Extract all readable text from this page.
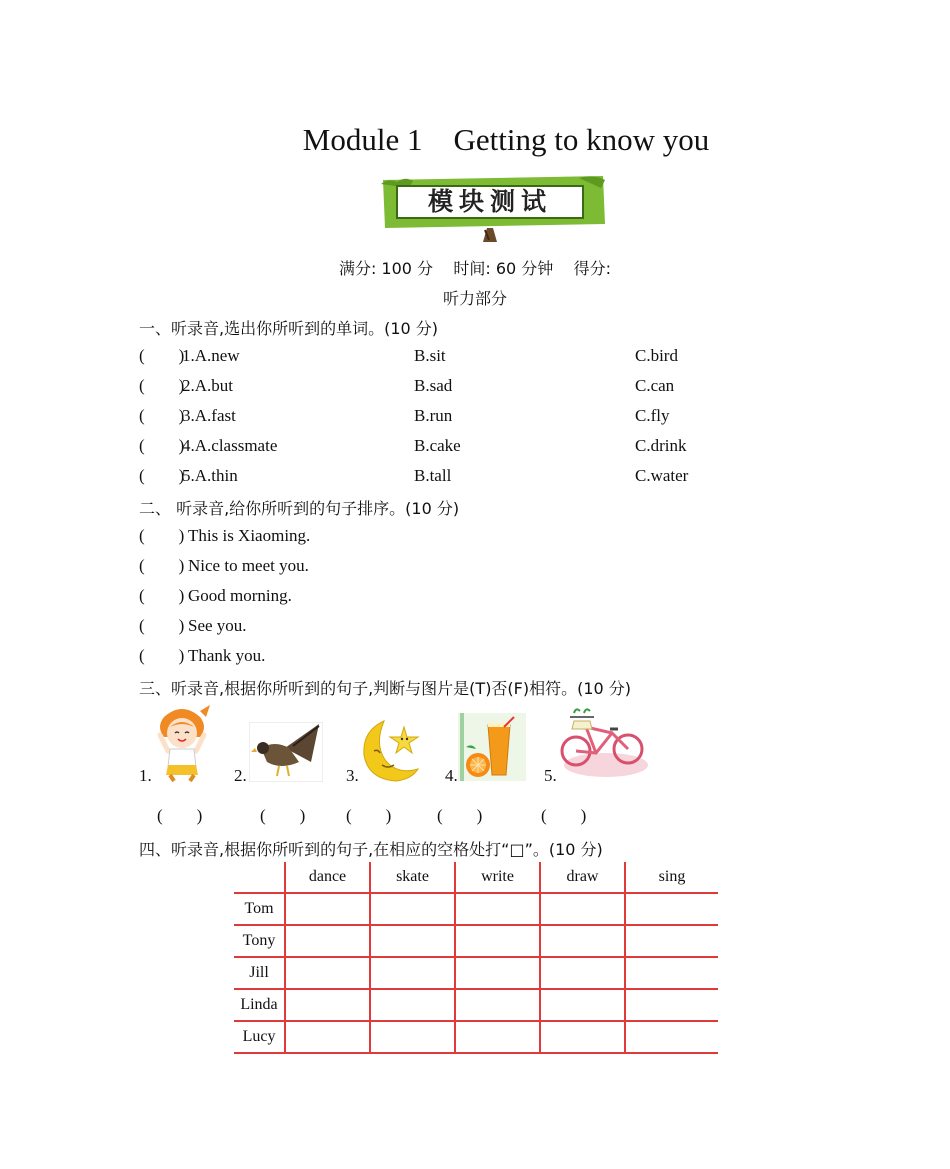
Module 1    Getting to know you
模块测试
满分: 100 分    时间: 60 分钟    得分:
听力部分
一、听录音,选出你所听到的单词。(10 分)
(        )
1.A.new	B.sit	C.bird
(        )
2.A.but	B.sad	C.can
(        )
3.A.fast	B.run	C.fly
(        )
4.A.classmate	B.cake	C.drink
(        )
5.A.thin	B.tall	C.water
二、 听录音,给你所听到的句子排序。(10 分)
(        ) This is Xiaoming.
(        ) Nice to meet you.
(        ) Good morning.
(        ) See you.
(        ) Thank you.
三、听录音,根据你所听到的句子,判断与图片是(T)否(F)相符。(10 分)
1.	2.	3.	4.	5.
(        )	(        ) (        )	(        )	(        )
四、听录音,根据你所听到的句子,在相应的空格处打“□”。(10 分)
	dance	skate	write	draw	sing
Tom					
Tony					
Jill					
Linda					
Lucy					
